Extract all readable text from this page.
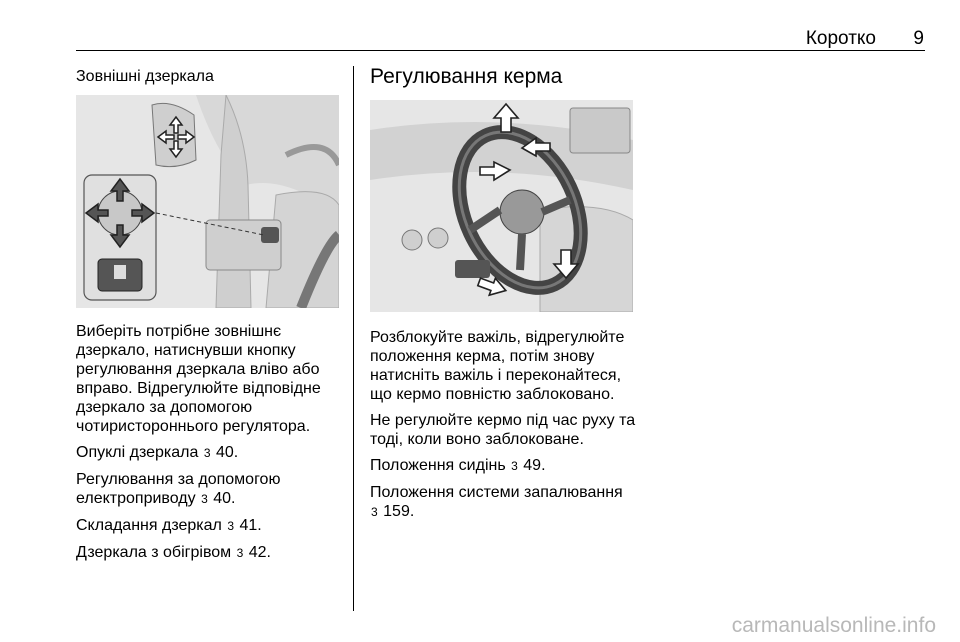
Коротко 9
Зовнішні дзеркала

Виберіть потрібне зовнішнє дзеркало, натиснувши кнопку регулювання дзеркала вліво або вправо. Відрегулюйте відповідне дзеркало за допомогою чотиристороннього регулятора.

Опуклі дзеркала 3 40.

Регулювання за допомогою електроприводу 3 40.

Складання дзеркал 3 41.

Дзеркала з обігрівом 3 42.

Регулювання керма

Розблокуйте важіль, відрегулюйте положення керма, потім знову натисніть важіль і переконайтеся, що кермо повністю заблоковано.

Не регулюйте кермо під час руху та тоді, коли воно заблоковане.

Положення сидінь 3 49.

Положення системи запалювання
3 159.

carmanualsonline.info
